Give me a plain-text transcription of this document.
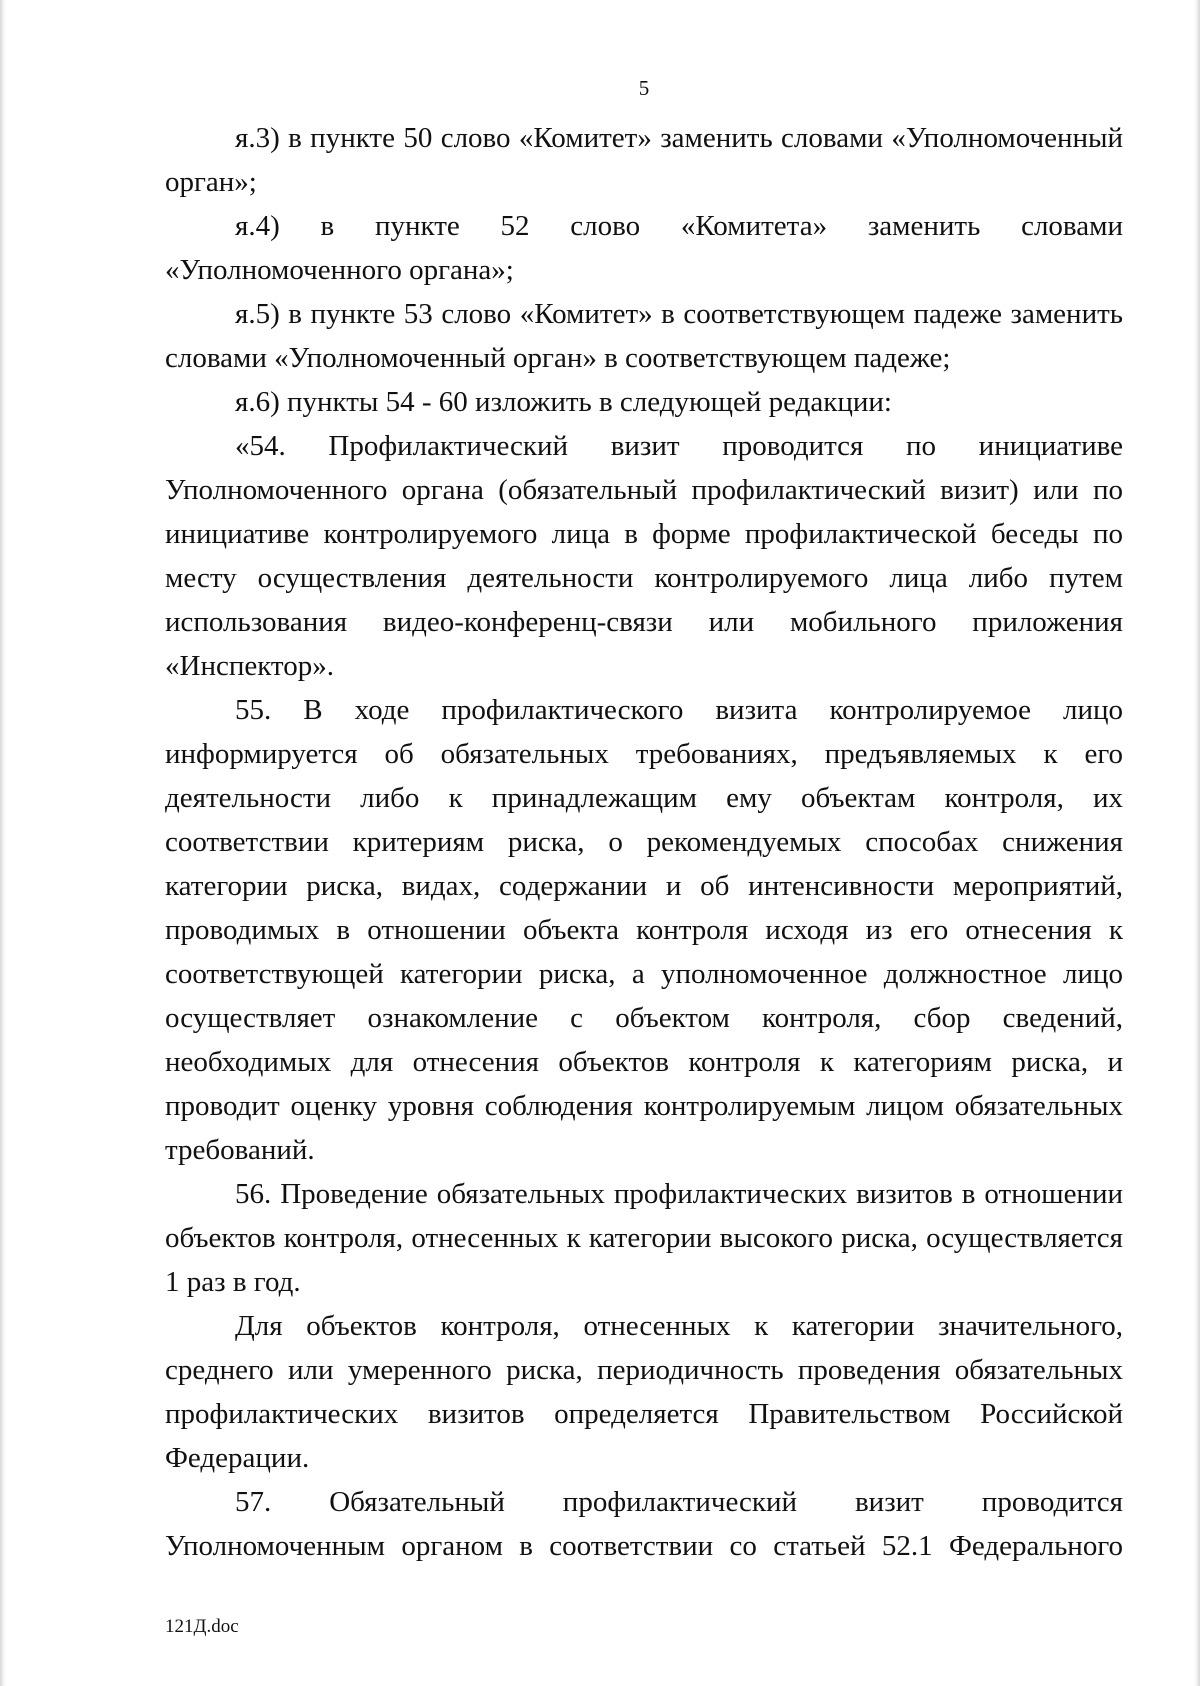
5

я.3) в пункте 50 слово «Комитет» заменить словами «Уполномоченный орган»;

я.4) в пункте 52 слово «Комитета» заменить словами «Уполномоченного органа»;

я.5) в пункте 53 слово «Комитет» в соответствующем падеже заменить словами «Уполномоченный орган» в соответствующем падеже;

я.6) пункты 54 - 60 изложить в следующей редакции:

«54. Профилактический визит проводится по инициативе Уполномоченного органа (обязательный профилактический визит) или по инициативе контролируемого лица в форме профилактической беседы по месту осуществления деятельности контролируемого лица либо путем использования видео-конференц-связи или мобильного приложения «Инспектор».

55. В ходе профилактического визита контролируемое лицо информируется об обязательных требованиях, предъявляемых к его деятельности либо к принадлежащим ему объектам контроля, их соответствии критериям риска, о рекомендуемых способах снижения категории риска, видах, содержании и об интенсивности мероприятий, проводимых в отношении объекта контроля исходя из его отнесения к соответствующей категории риска, а уполномоченное должностное лицо осуществляет ознакомление с объектом контроля, сбор сведений, необходимых для отнесения объектов контроля к категориям риска, и проводит оценку уровня соблюдения контролируемым лицом обязательных требований.

56. Проведение обязательных профилактических визитов в отношении объектов контроля, отнесенных к категории высокого риска, осуществляется 1 раз в год.

Для объектов контроля, отнесенных к категории значительного, среднего или умеренного риска, периодичность проведения обязательных профилактических визитов определяется Правительством Российской Федерации.

57. Обязательный профилактический визит проводится Уполномоченным органом в соответствии со статьей 52.1 Федерального

121Д.doc
